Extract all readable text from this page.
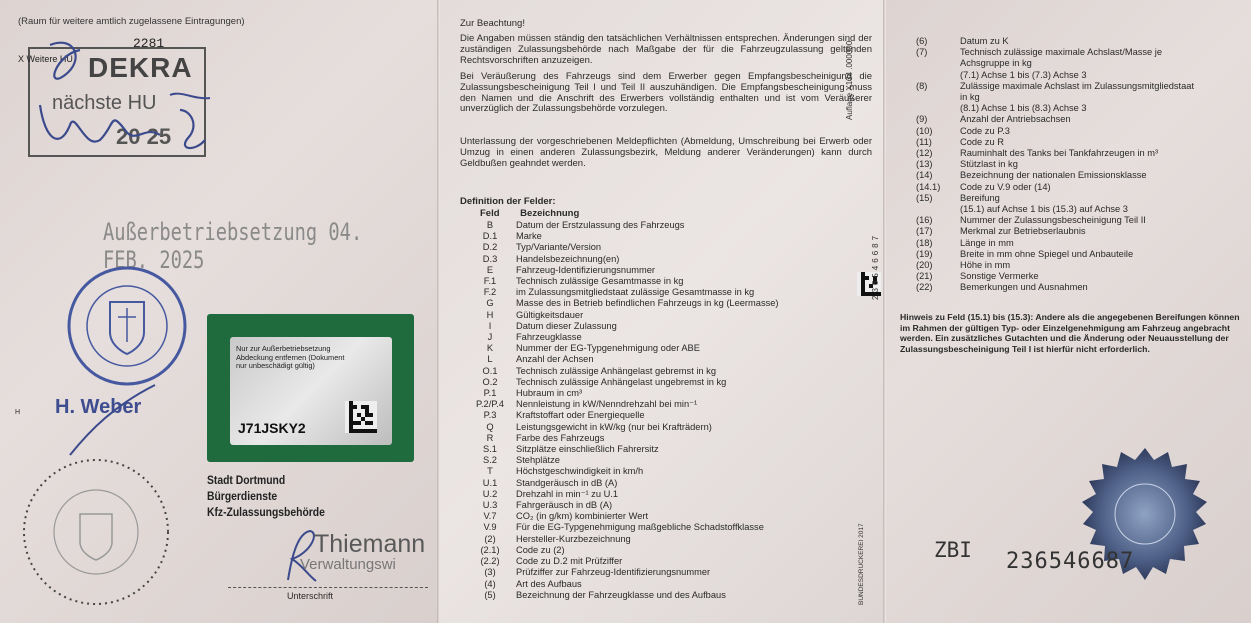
(Raum für weitere amtlich zugelassene Eintragungen)
2281
X Weitere HU DEKRA
nächste HU
20 25
Außerbetriebsetzung 04. FEB. 2025
H H. Weber
Nur zur Außerbetriebsetzung Abdeckung entfernen (Dokument nur unbeschädigt gültig)
J71JSKY2
Stadt Dortmund
Bürgerdienste
Kfz-Zulassungsbehörde
Thiemann
Verwaltungswi
Unterschrift
Zur Beachtung!
Die Angaben müssen ständig den tatsächlichen Verhältnissen entsprechen. Änderungen sind der zuständigen Zulassungsbehörde nach Maßgabe der für die Fahrzeugzulassung geltenden Rechtsvorschriften anzuzeigen.
Bei Veräußerung des Fahrzeugs sind dem Erwerber gegen Empfangsbescheinigung die Zulassungsbescheinigung Teil I und Teil II auszuhändigen. Die Empfangsbescheinigung muss den Namen und die Anschrift des Erwerbers vollständig enthalten und ist vom Veräußerer unverzüglich der Zulassungsbehörde vorzulegen.
Unterlassung der vorgeschriebenen Meldepflichten (Abmeldung, Umschreibung bei Erwerb oder Umzug in einen anderen Zulassungsbezirk, Meldung anderer Veränderungen) kann durch Geldbußen geahndet werden.
Definition der Felder:
Feld Bezeichnung
B	Datum der Erstzulassung des Fahrzeugs
D.1	Marke
D.2	Typ/Variante/Version
D.3	Handelsbezeichnung(en)
E	Fahrzeug-Identifizierungsnummer
F.1	Technisch zulässige Gesamtmasse in kg
F.2	im Zulassungsmitgliedstaat zulässige Gesamtmasse in kg
G	Masse des in Betrieb befindlichen Fahrzeugs in kg (Leermasse)
H	Gültigkeitsdauer
I	Datum dieser Zulassung
J	Fahrzeugklasse
K	Nummer der EG-Typgenehmigung oder ABE
L	Anzahl der Achsen
O.1	Technisch zulässige Anhängelast gebremst in kg
O.2	Technisch zulässige Anhängelast ungebremst in kg
P.1	Hubraum in cm³
P.2/P.4	Nennleistung in kW/Nenndrehzahl bei min⁻¹
P.3	Kraftstoffart oder Energiequelle
Q	Leistungsgewicht in kW/kg (nur bei Krafträdern)
R	Farbe des Fahrzeugs
S.1	Sitzplätze einschließlich Fahrersitz
S.2	Stehplätze
T	Höchstgeschwindigkeit in km/h
U.1	Standgeräusch in dB (A)
U.2	Drehzahl in min⁻¹ zu U.1
U.3	Fahrgeräusch in dB (A)
V.7	CO₂ (in g/km) kombinierter Wert
V.9	Für die EG-Typgenehmigung maßgebliche Schadstoffklasse
(2)	Hersteller-Kurzbezeichnung
(2.1)	Code zu (2)
(2.2)	Code zu D.2 mit Prüfziffer
(3)	Prüfziffer zur Fahrzeug-Identifizierungsnummer
(4)	Art des Aufbaus
(5)	Bezeichnung der Fahrzeugklasse und des Aufbaus
Auflage X134 .000000
236546687
BUNDESDRUCKEREI 2017
(6)	Datum zu K
(7)	Technisch zulässige maximale Achslast/Masse je
Achsgruppe in kg
(7.1) Achse 1 bis (7.3) Achse 3
(8)	Zulässige maximale Achslast im Zulassungsmitgliedstaat
in kg
(8.1) Achse 1 bis (8.3) Achse 3
(9)	Anzahl der Antriebsachsen
(10)	Code zu P.3
(11)	Code zu R
(12)	Rauminhalt des Tanks bei Tankfahrzeugen in m³
(13)	Stützlast in kg
(14)	Bezeichnung der nationalen Emissionsklasse
(14.1)	Code zu V.9 oder (14)
(15)	Bereifung
(15.1) auf Achse 1 bis (15.3) auf Achse 3
(16)	Nummer der Zulassungsbescheinigung Teil II
(17)	Merkmal zur Betriebserlaubnis
(18)	Länge in mm
(19)	Breite in mm ohne Spiegel und Anbauteile
(20)	Höhe in mm
(21)	Sonstige Vermerke
(22)	Bemerkungen und Ausnahmen
Hinweis zu Feld (15.1) bis (15.3): Andere als die angegebenen Bereifungen können im Rahmen der gültigen Typ- oder Einzelgenehmigung am Fahrzeug angebracht werden. Ein zusätzliches Gutachten und die Änderung oder Neuausstellung der Zulassungsbescheinigung Teil I ist hierfür nicht erforderlich.
ZBI 236546687
